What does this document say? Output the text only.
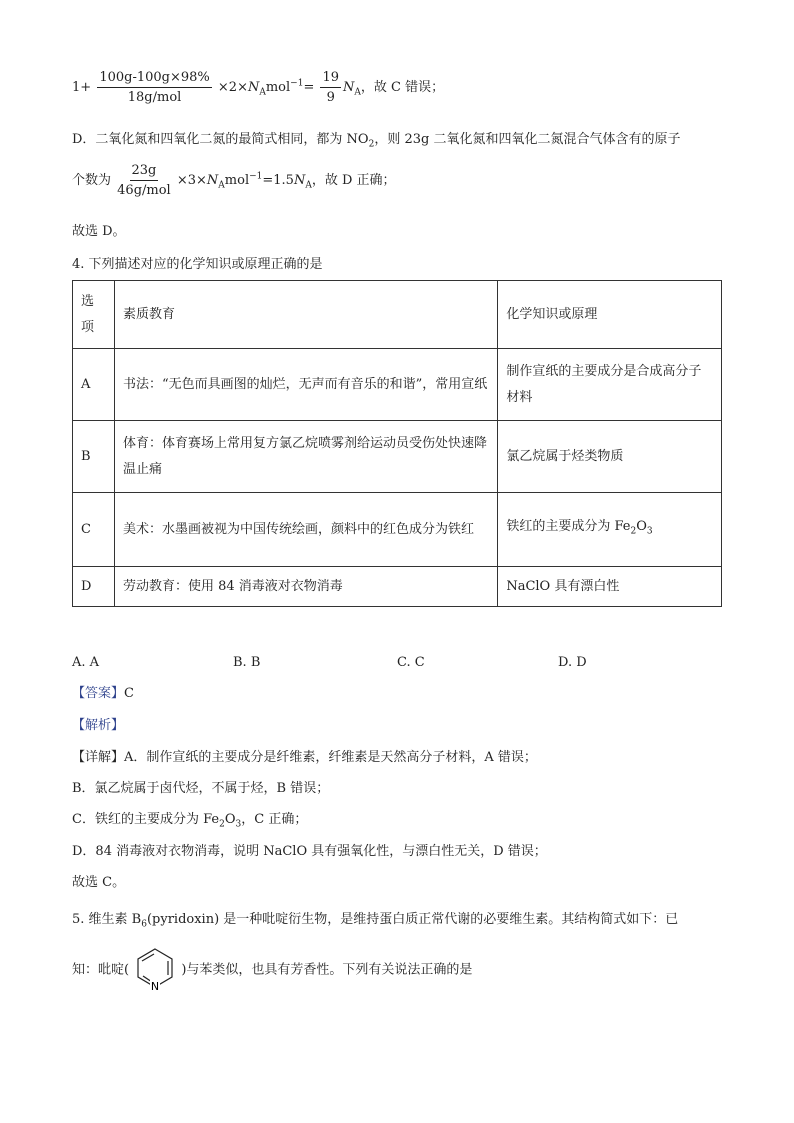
$1+ \frac{100g-100g\times 98\%}{\text{18g/mol}} \times 2\times N_Amol^{-1}= \frac{19}{9} N_A$，故 C 错误；
D．二氧化氮和四氧化二氮的最简式相同，都为 $NO_2$，则 23g 二氧化氮和四氧化二氮混合气体含有的原子
个数为 $\frac{23g}{\text{46g/mol}} \times 3\times N_Amol^{-1}=1.5N_A$，故 D 正确；
故选 D。
4. 下列描述对应的化学知识或原理正确的是
选项	素质教育	化学知识或原理
A	书法：“无色而具画图的灿烂，无声而有音乐的和谐”，常用宣纸	制作宣纸的主要成分是合成高分子材料
B	体育：体育赛场上常用复方氯乙烷喷雾剂给运动员受伤处快速降温止痛	氯乙烷属于烃类物质
C	美术：水墨画被视为中国传统绘画，颜料中的红色成分为铁红	铁红的主要成分为 $Fe_2O_3$
D	劳动教育：使用 84 消毒液对衣物消毒	NaClO 具有漂白性
A. A	B. B	C. C	D. D
【答案】C
【解析】
【详解】A．制作宣纸的主要成分是纤维素，纤维素是天然高分子材料，A 错误；
B．氯乙烷属于卤代烃，不属于烃，B 错误；
C．铁红的主要成分为 $Fe_2O_3$，C 正确；
D．84 消毒液对衣物消毒，说明 NaClO 具有强氧化性，与漂白性无关，D 错误；
故选 C。
5. 维生素 $B_6(pyridoxin)$ 是一种吡啶衍生物，是维持蛋白质正常代谢的必要维生素。其结构简式如下：已
知：吡啶(
N
)与苯类似，也具有芳香性。下列有关说法正确的是
